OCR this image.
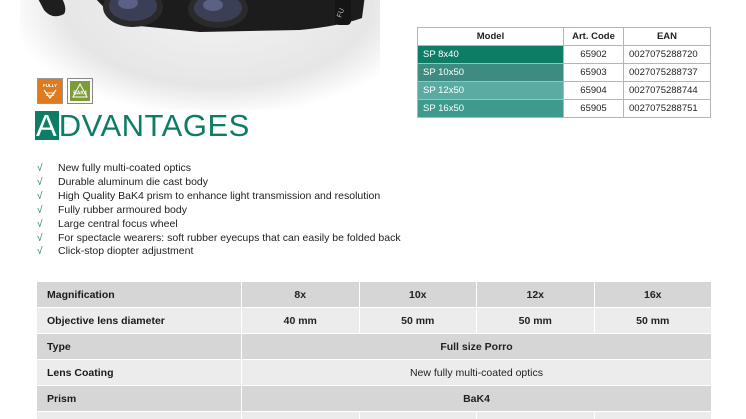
FU
Model	Art. Code	EAN
SP 8x40	65902	0027075288720
SP 10x50	65903	0027075288737
SP 12x50	65904	0027075288744
SP 16x50	65905	0027075288751
FULLY
BAK4
A DVANTAGES
√	New fully multi-coated optics
√	Durable aluminum die cast body
√	High Quality BaK4 prism to enhance light transmission and resolution
√	Fully rubber armoured body
√	Large central focus wheel
√	For spectacle wearers: soft rubber eyecups that can easily be folded back
√	Click-stop diopter adjustment
Magnification	8x	10x	12x	16x
Objective lens diameter	40 mm	50 mm	50 mm	50 mm
Type	Full size Porro			
Lens Coating	New fully multi-coated optics			
Prism	BaK4			
